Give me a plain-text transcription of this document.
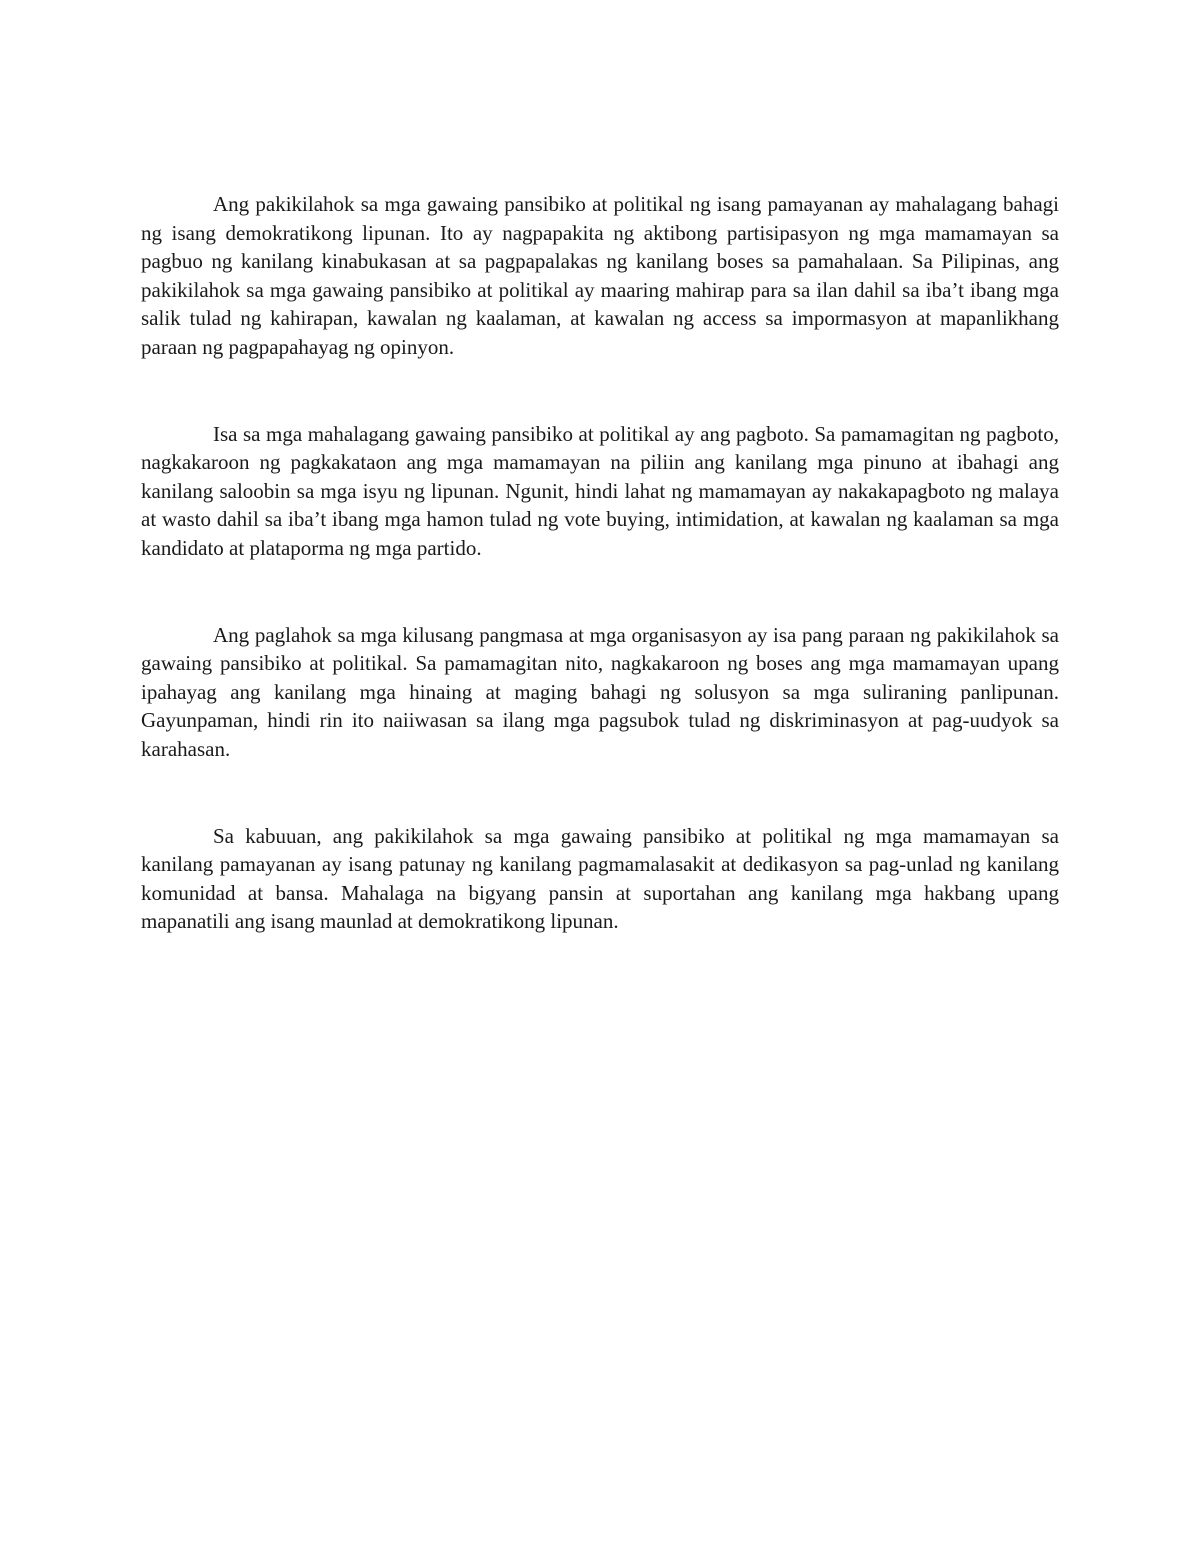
Ang pakikilahok sa mga gawaing pansibiko at politikal ng isang pamayanan ay mahalagang bahagi ng isang demokratikong lipunan. Ito ay nagpapakita ng aktibong partisipasyon ng mga mamamayan sa pagbuo ng kanilang kinabukasan at sa pagpapalakas ng kanilang boses sa pamahalaan. Sa Pilipinas, ang pakikilahok sa mga gawaing pansibiko at politikal ay maaring mahirap para sa ilan dahil sa iba’t ibang mga salik tulad ng kahirapan, kawalan ng kaalaman, at kawalan ng access sa impormasyon at mapanlikhang paraan ng pagpapahayag ng opinyon.

Isa sa mga mahalagang gawaing pansibiko at politikal ay ang pagboto. Sa pamamagitan ng pagboto, nagkakaroon ng pagkakataon ang mga mamamayan na piliin ang kanilang mga pinuno at ibahagi ang kanilang saloobin sa mga isyu ng lipunan. Ngunit, hindi lahat ng mamamayan ay nakakapagboto ng malaya at wasto dahil sa iba’t ibang mga hamon tulad ng vote buying, intimidation, at kawalan ng kaalaman sa mga kandidato at plataporma ng mga partido.

Ang paglahok sa mga kilusang pangmasa at mga organisasyon ay isa pang paraan ng pakikilahok sa gawaing pansibiko at politikal. Sa pamamagitan nito, nagkakaroon ng boses ang mga mamamayan upang ipahayag ang kanilang mga hinaing at maging bahagi ng solusyon sa mga suliraning panlipunan. Gayunpaman, hindi rin ito naiiwasan sa ilang mga pagsubok tulad ng diskriminasyon at pag-uudyok sa karahasan.

Sa kabuuan, ang pakikilahok sa mga gawaing pansibiko at politikal ng mga mamamayan sa kanilang pamayanan ay isang patunay ng kanilang pagmamalasakit at dedikasyon sa pag-unlad ng kanilang komunidad at bansa. Mahalaga na bigyang pansin at suportahan ang kanilang mga hakbang upang mapanatili ang isang maunlad at demokratikong lipunan.
